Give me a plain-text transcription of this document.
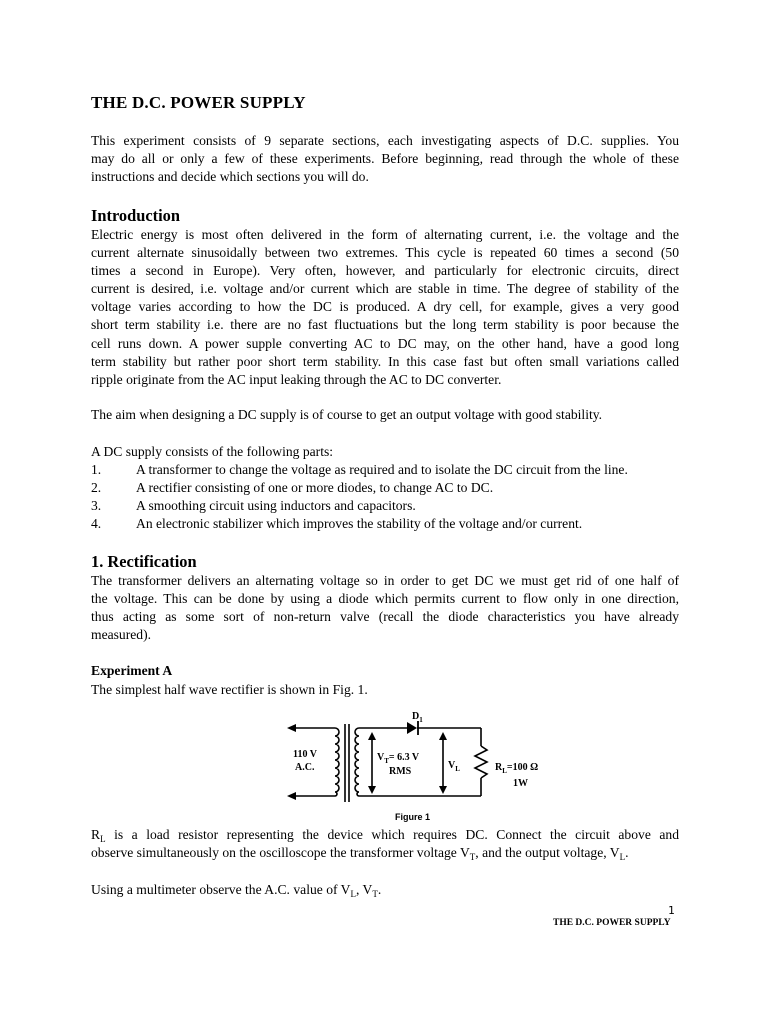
THE D.C. POWER SUPPLY
This experiment consists of 9 separate sections, each investigating aspects of D.C. supplies. You
may do all or only a few of these experiments. Before beginning, read through the whole of these
instructions and decide which sections you will do.
Introduction
Electric energy is most often delivered in the form of alternating current, i.e. the voltage and the
current alternate sinusoidally between two extremes. This cycle is repeated 60 times a second (50
times a second in Europe). Very often, however, and particularly for electronic circuits, direct
current is desired, i.e. voltage and/or current which are stable in time. The degree of stability of the
voltage varies according to how the DC is produced. A dry cell, for example, gives a very good
short term stability i.e. there are no fast fluctuations but the long term stability is poor because the
cell runs down. A power supple converting AC to DC may, on the other hand, have a good long
term stability but rather poor short term stability. In this case fast but often small variations called
ripple originate from the AC input leaking through the AC to DC converter.
The aim when designing a DC supply is of course to get an output voltage with good stability.
A DC supply consists of the following parts:
1.	A transformer to change the voltage as required and to isolate the DC circuit from the line.
2.	A rectifier consisting of one or more diodes, to change AC to DC.
3.	A smoothing circuit using inductors and capacitors.
4.	An electronic stabilizer which improves the stability of the voltage and/or current.
1. Rectification
The transformer delivers an alternating voltage so in order to get DC we must get rid of one half of
the voltage. This can be done by using a diode which permits current to flow only in one direction,
thus acting as some sort of non-return valve (recall the diode characteristics you have already
measured).
Experiment A
The simplest half wave rectifier is shown in Fig. 1.
110 V
A.C.
$V_T= 6.3$ V
RMS
$V_L$
$D_1$
$R_L=100$ Ω
1W
Figure 1
$R_L$ is a load resistor representing the device which requires DC. Connect the circuit above and
observe simultaneously on the oscilloscope the transformer voltage $V_T$, and the output voltage, $V_L$.
Using a multimeter observe the A.C. value of $V_L$, $V_T$.
1
THE D.C. POWER SUPPLY
